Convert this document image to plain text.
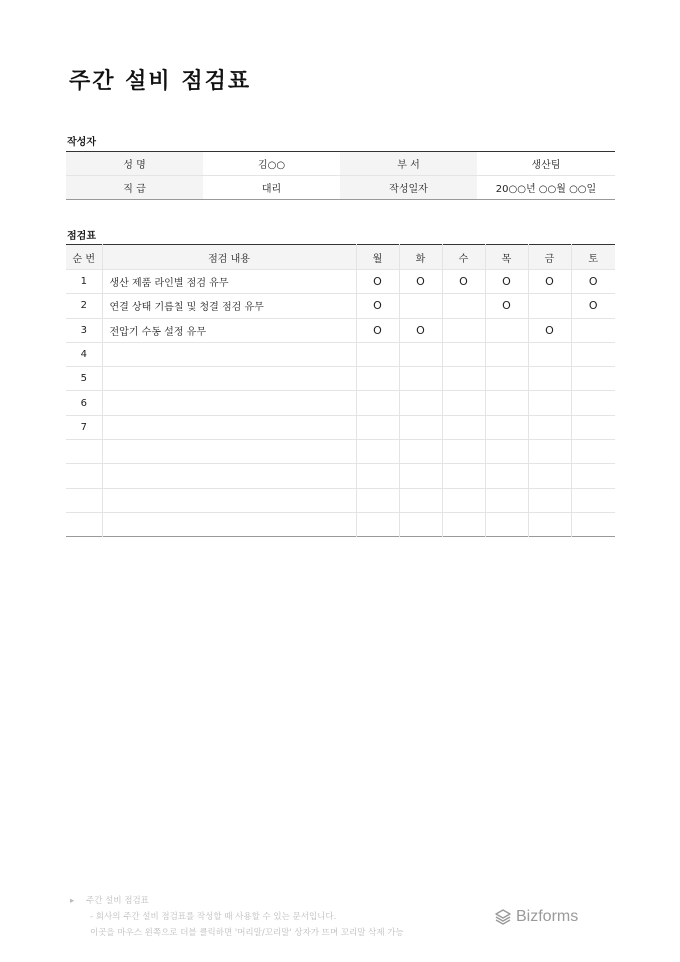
주간 설비 점검표
작성자
성 명	김○○	부 서	생산팀
직 급	대리	작성일자	20○○년 ○○월 ○○일
점검표
순 번	점검 내용	월	화	수	목	금	토
1	생산 제품 라인별 점검 유무	O	O	O	O	O	O
2	연결 상태 기름칠 및 청결 점검 유무	O			O		O
3	전압기 수동 설정 유무	O	O			O	
4							
5							
6							
7							

▸ 주간 설비 점검표
- 회사의 주간 설비 점검표를 작성할 때 사용할 수 있는 문서입니다.
이곳을 마우스 왼쪽으로 더블 클릭하면 '머리말/꼬리말' 상자가 뜨며 꼬리말 삭제 가능
Bizforms
